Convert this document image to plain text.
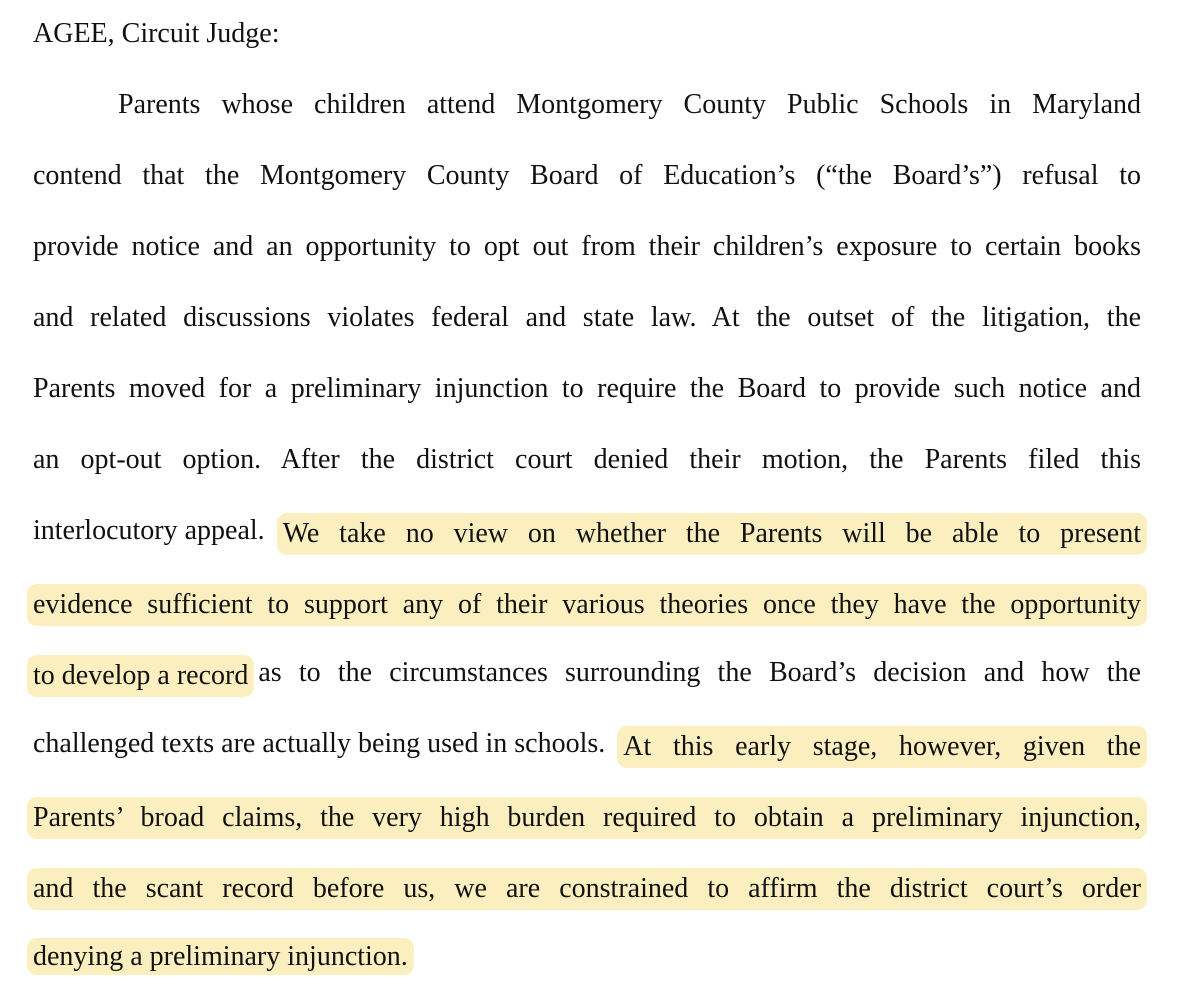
AGEE, Circuit Judge:
Parents whose children attend Montgomery County Public Schools in Maryland
contend that the Montgomery County Board of Education’s (“the Board’s”) refusal to
provide notice and an opportunity to opt out from their children’s exposure to certain books
and related discussions violates federal and state law. At the outset of the litigation, the
Parents moved for a preliminary injunction to require the Board to provide such notice and
an opt-out option. After the district court denied their motion, the Parents filed this
interlocutory appeal. We take no view on whether the Parents will be able to present
evidence sufficient to support any of their various theories once they have the opportunity
to develop a record as to the circumstances surrounding the Board’s decision and how the
challenged texts are actually being used in schools. At this early stage, however, given the
Parents’ broad claims, the very high burden required to obtain a preliminary injunction,
and the scant record before us, we are constrained to affirm the district court’s order
denying a preliminary injunction.
